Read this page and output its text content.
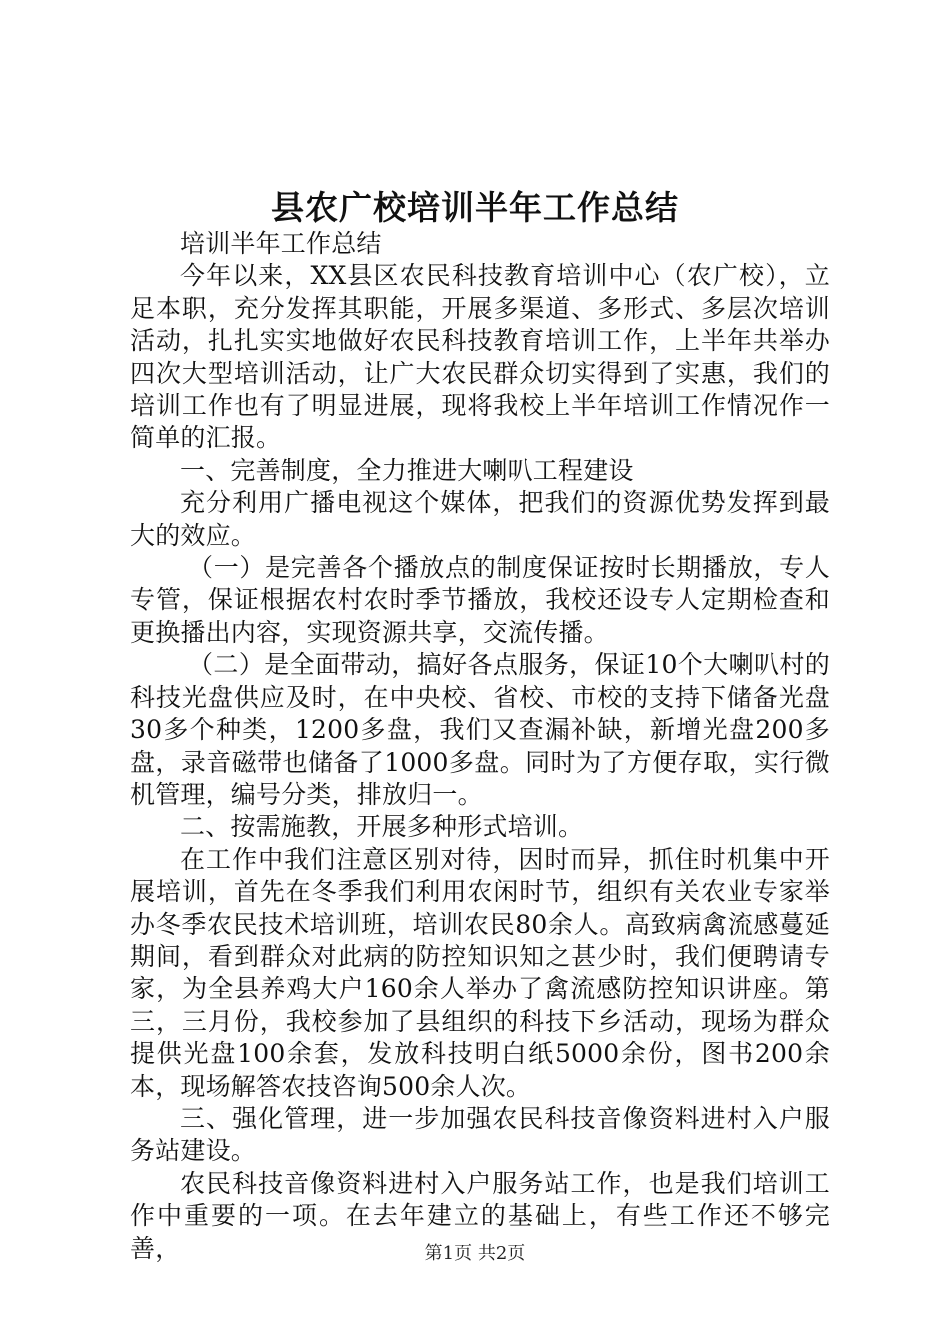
县农广校培训半年工作总结

培训半年工作总结

今年以来，XX县区农民科技教育培训中心（农广校），立足本职，充分发挥其职能，开展多渠道、多形式、多层次培训活动，扎扎实实地做好农民科技教育培训工作，上半年共举办四次大型培训活动，让广大农民群众切实得到了实惠，我们的培训工作也有了明显进展，现将我校上半年培训工作情况作一简单的汇报。

一、完善制度，全力推进大喇叭工程建设

充分利用广播电视这个媒体，把我们的资源优势发挥到最大的效应。

（一）是完善各个播放点的制度保证按时长期播放，专人专管，保证根据农村农时季节播放，我校还设专人定期检查和更换播出内容，实现资源共享，交流传播。

（二）是全面带动，搞好各点服务，保证10个大喇叭村的科技光盘供应及时，在中央校、省校、市校的支持下储备光盘30多个种类，1200多盘，我们又查漏补缺，新增光盘200多盘，录音磁带也储备了1000多盘。同时为了方便存取，实行微机管理，编号分类，排放归一。

二、按需施教，开展多种形式培训。

在工作中我们注意区别对待，因时而异，抓住时机集中开展培训，首先在冬季我们利用农闲时节，组织有关农业专家举办冬季农民技术培训班，培训农民80余人。高致病禽流感蔓延期间，看到群众对此病的防控知识知之甚少时，我们便聘请专家，为全县养鸡大户160余人举办了禽流感防控知识讲座。第三，三月份，我校参加了县组织的科技下乡活动，现场为群众提供光盘100余套，发放科技明白纸5000余份，图书200余本，现场解答农技咨询500余人次。

三、强化管理，进一步加强农民科技音像资料进村入户服务站建设。

农民科技音像资料进村入户服务站工作，也是我们培训工作中重要的一项。在去年建立的基础上，有些工作还不够完善，	第1页 共2页
